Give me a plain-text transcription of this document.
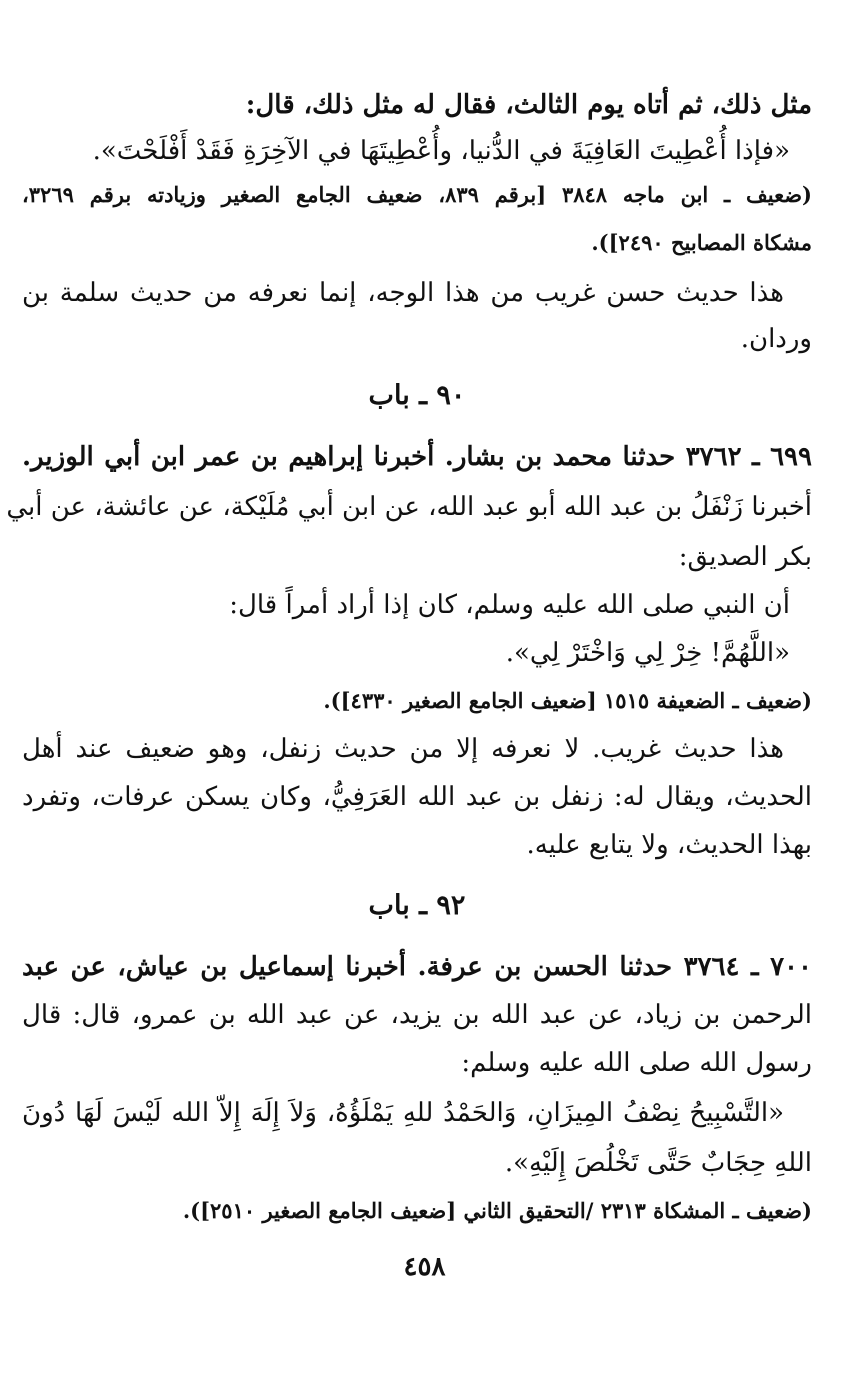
مثل ذلك، ثم أتاه يوم الثالث، فقال له مثل ذلك، قال:
«فإذا أُعْطِيتَ العَافِيَةَ في الدُّنيا، وأُعْطِيتَهَا في الآخِرَةِ فَقَدْ أَفْلَحْتَ».
(ضعيف ـ ابن ماجه ٣٨٤٨ [برقم ٨٣٩، ضعيف الجامع الصغير وزيادته برقم ٣٢٦٩،
مشكاة المصابيح ٢٤٩٠]).
هذا حديث حسن غريب من هذا الوجه، إنما نعرفه من حديث سلمة بن
وردان.
٩٠ ـ باب
٦٩٩ ـ ٣٧٦٢ حدثنا محمد بن بشار. أخبرنا إبراهيم بن عمر ابن أبي الوزير.
أخبرنا زَنْفَلُ بن عبد الله أبو عبد الله، عن ابن أبي مُلَيْكة، عن عائشة، عن أبي
بكر الصديق:
أن النبي صلى الله عليه وسلم، كان إذا أراد أمراً قال:
«اللَّهُمَّ! خِرْ لِي وَاخْتَرْ لِي».
(ضعيف ـ الضعيفة ١٥١٥ [ضعيف الجامع الصغير ٤٣٣٠]).
هذا حديث غريب. لا نعرفه إلا من حديث زنفل، وهو ضعيف عند أهل
الحديث، ويقال له: زنفل بن عبد الله العَرَفِيُّ، وكان يسكن عرفات، وتفرد
بهذا الحديث، ولا يتابع عليه.
٩٢ ـ باب
٧٠٠ ـ ٣٧٦٤ حدثنا الحسن بن عرفة. أخبرنا إسماعيل بن عياش، عن عبد
الرحمن بن زياد، عن عبد الله بن يزيد، عن عبد الله بن عمرو، قال: قال
رسول الله صلى الله عليه وسلم:
«التَّسْبِيحُ نِصْفُ المِيزَانِ، وَالحَمْدُ للهِ يَمْلَؤُهُ، وَلاَ إِلَهَ إِلاّ الله لَيْسَ لَهَا دُونَ
اللهِ حِجَابٌ حَتَّى تَخْلُصَ إِلَيْهِ».
(ضعيف ـ المشكاة ٢٣١٣ /التحقيق الثاني [ضعيف الجامع الصغير ٢٥١٠]).
٤٥٨
